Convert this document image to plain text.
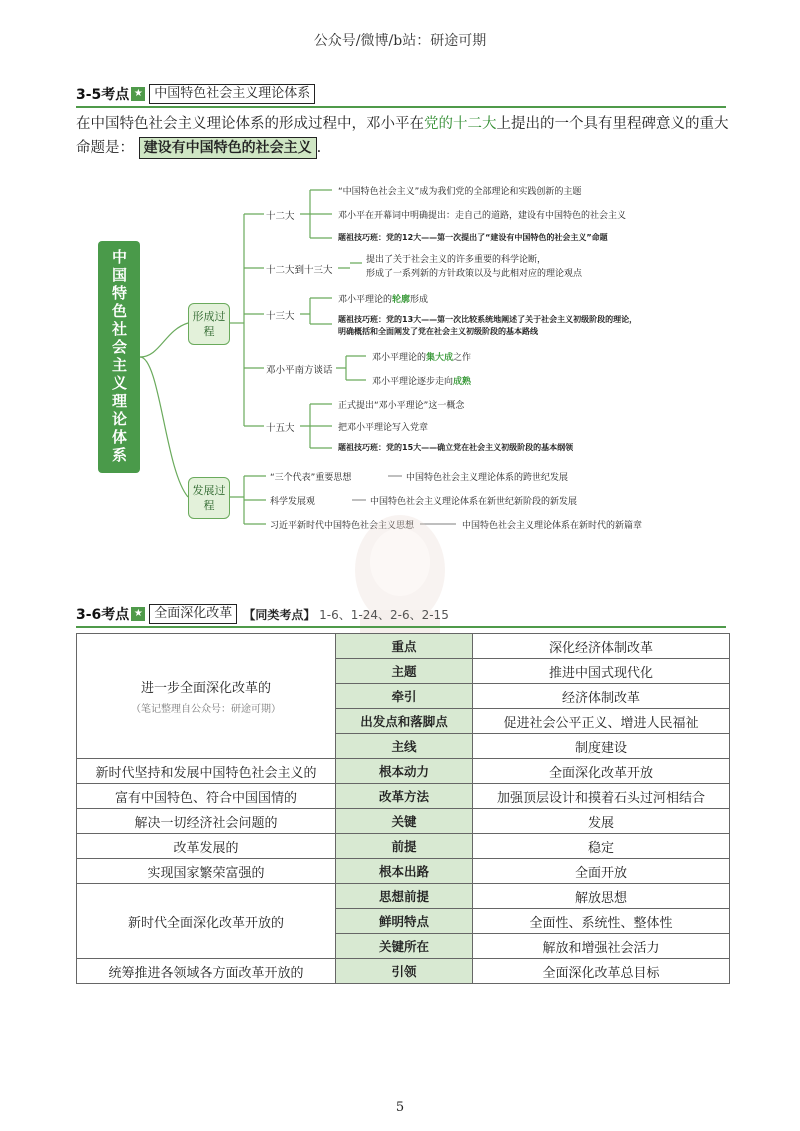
公众号/微博/b站：研途可期
3-5考点 ★ 中国特色社会主义理论体系
在中国特色社会主义理论体系的形成过程中，邓小平在党的十二大上提出的一个具有里程碑意义的重大命题是： 建设有中国特色的社会主义 .
中国特色社会主义理论体系	形成过程
发展过程
十二大
“中国特色社会主义”成为我们党的全部理论和实践创新的主题
邓小平在开幕词中明确提出：走自己的道路，建设有中国特色的社会主义
题祖技巧班：党的12大——第一次提出了“建设有中国特色的社会主义”命题
十二大到十三大
提出了关于社会主义的许多重要的科学论断，
形成了一系列新的方针政策以及与此相对应的理论观点
十三大
邓小平理论的轮廓形成
题祖技巧班：党的13大——第一次比较系统地阐述了关于社会主义初级阶段的理论，
明确概括和全面阐发了党在社会主义初级阶段的基本路线
邓小平南方谈话
邓小平理论的集大成之作
邓小平理论逐步走向成熟
十五大
正式提出“邓小平理论”这一概念
把邓小平理论写入党章
题祖技巧班：党的15大——确立党在社会主义初级阶段的基本纲领
“三个代表”重要思想	中国特色社会主义理论体系的跨世纪发展
科学发展观	中国特色社会主义理论体系在新世纪新阶段的新发展
习近平新时代中国特色社会主义思想	中国特色社会主义理论体系在新时代的新篇章
3-6考点 ★ 全面深化改革 【同类考点】 1-6、1-24、2-6、2-15
进一步全面深化改革的
（笔记整理自公众号：研途可期）	重点	深化经济体制改革
	主题	推进中国式现代化
	牵引	经济体制改革
	出发点和落脚点	促进社会公平正义、增进人民福祉
	主线	制度建设
新时代坚持和发展中国特色社会主义的	根本动力	全面深化改革开放
富有中国特色、符合中国国情的	改革方法	加强顶层设计和摸着石头过河相结合
解决一切经济社会问题的	关键	发展
改革发展的	前提	稳定
实现国家繁荣富强的	根本出路	全面开放
新时代全面深化改革开放的	思想前提	解放思想
	鲜明特点	全面性、系统性、整体性
	关键所在	解放和增强社会活力
统筹推进各领域各方面改革开放的	引领	全面深化改革总目标
5
